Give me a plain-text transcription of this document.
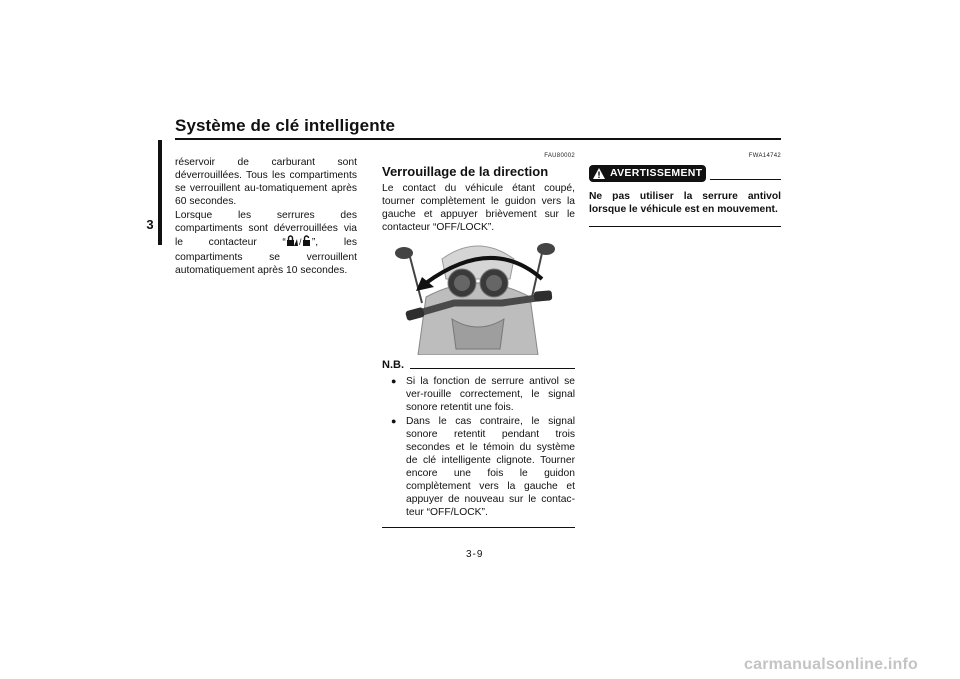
Système de clé intelligente
3

réservoir de carburant sont déverrouillées. Tous les compartiments se verrouillent au-tomatiquement après 60 secondes.

Lorsque les serrures des compartiments sont déverrouillées via le contacteur “ / ”, les compartiments se verrouillent automatiquement après 10 secondes.

FAU80002
Verrouillage de la direction

Le contact du véhicule étant coupé, tourner complètement le guidon vers la gauche et appuyer brièvement sur le contacteur “OFF/LOCK”.

N.B.
● Si la fonction de serrure antivol se ver-rouille correctement, le signal sonore retentit une fois.
● Dans le cas contraire, le signal sonore retentit pendant trois secondes et le témoin du système de clé intelligente clignote. Tourner encore une fois le guidon complètement vers la gauche et appuyer de nouveau sur le contac-teur “OFF/LOCK”.
FWA14742
AVERTISSEMENT
Ne pas utiliser la serrure antivol lorsque le véhicule est en mouvement.
3-9
carmanualsonline.info
